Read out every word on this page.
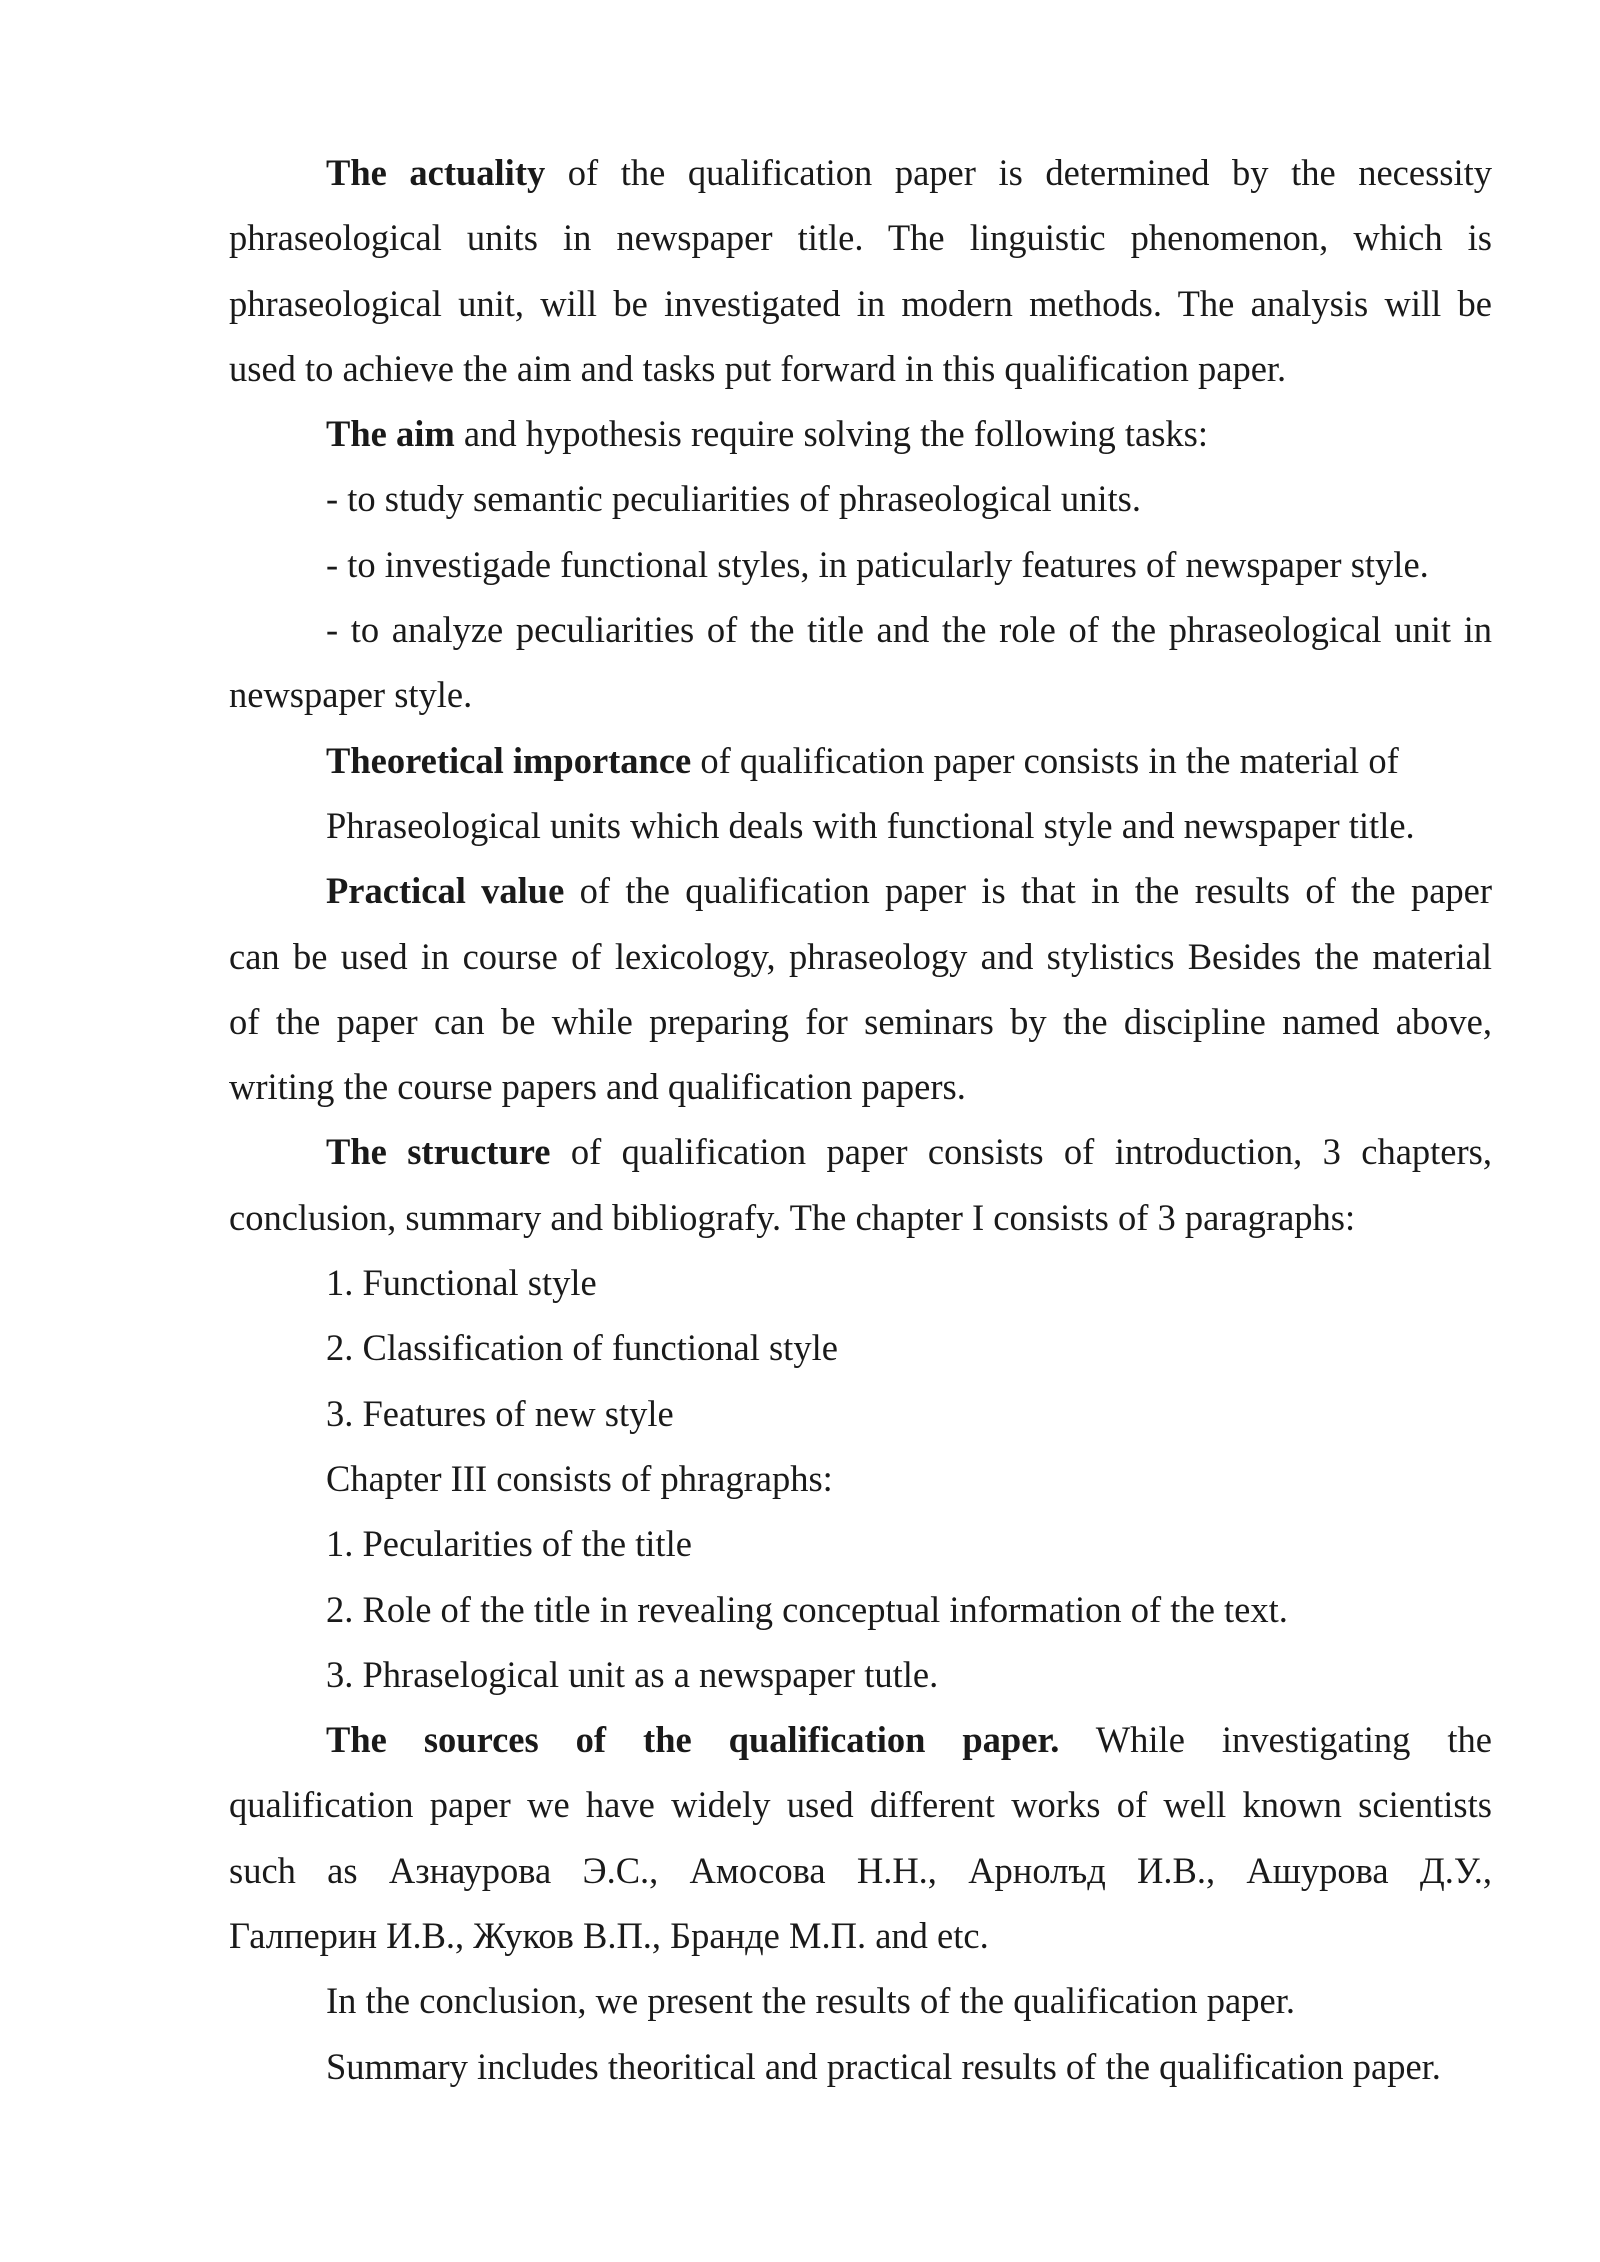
The actuality of the qualification paper is determined by the necessity
phraseological units in newspaper title. The linguistic phenomenon, which is
phraseological unit, will be investigated in modern methods. The analysis will be
used to achieve the aim and tasks put forward in this qualification paper.
The aim and hypothesis require solving the following tasks:
- to study semantic peculiarities of phraseological units.
- to investigade functional styles, in paticularly features of newspaper style.
- to analyze peculiarities of the title and the role of the phraseological unit in
newspaper style.
Theoretical importance of qualification paper consists in the material of
Phraseological units which deals with functional style and newspaper title.
Practical value of the qualification paper is that in the results of the paper
can be used in course of lexicology, phraseology and stylistics Besides the material
of the paper can be while preparing for seminars by the discipline named above,
writing the course papers and qualification papers.
The structure of qualification paper consists of introduction, 3 chapters,
conclusion, summary and bibliografy. The chapter I consists of 3 paragraphs:
1. Functional style
2. Classification of functional style
3. Features of new style
Chapter III consists of phragraphs:
1. Pecularities of the title
2. Role of the title in revealing conceptual information of the text.
3. Phraselogical unit as a newspaper tutle.
The sources of the qualification paper. While investigating the
qualification paper we have widely used different works of well known scientists
such as Азнаурова Э.С., Амосова Н.Н., Арнолъд И.В., Ашурова Д.У.,
Галперин И.В., Жуков В.П., Бранде М.П. and etc.
In the conclusion, we present the results of the qualification paper.
Summary includes theoritical and practical results of the qualification paper.
